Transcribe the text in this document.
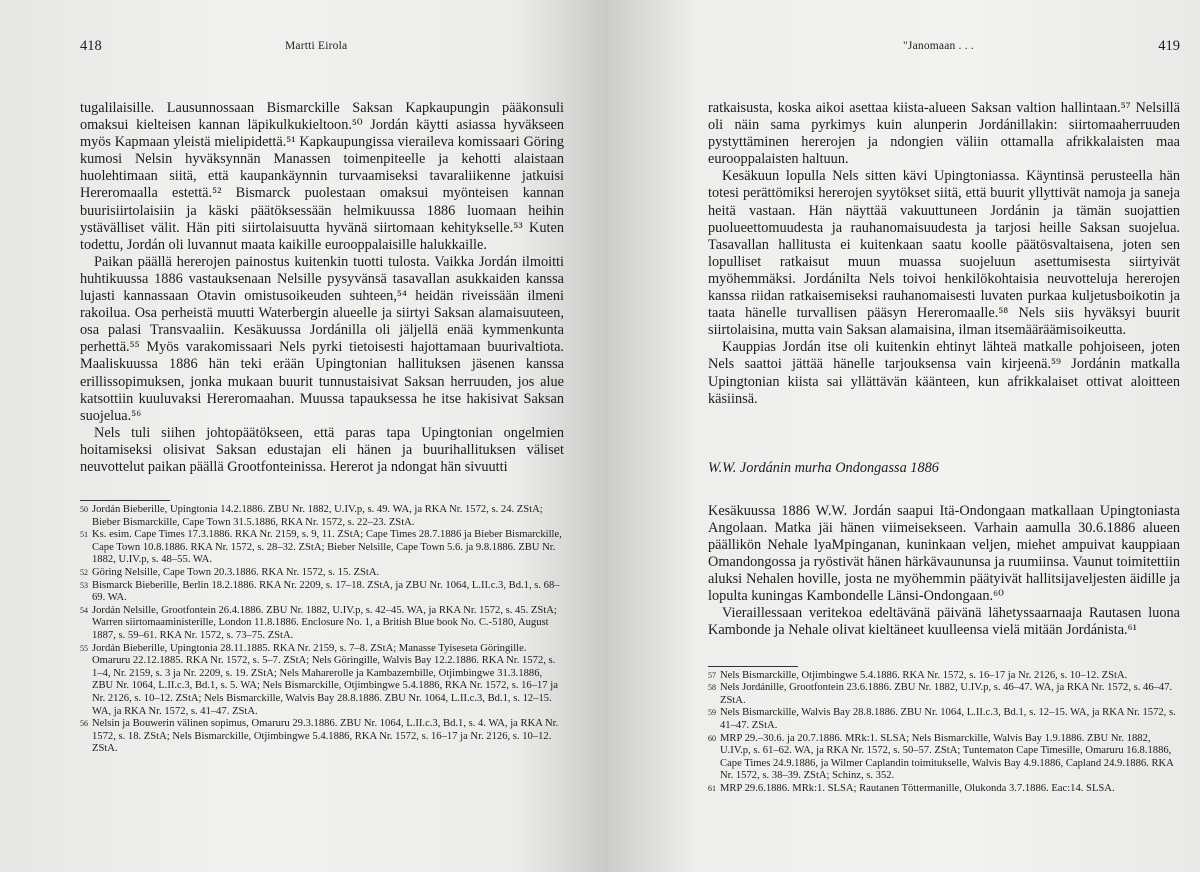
418	Martti Eirola

tugalilaisille. Lausunnossaan Bismarckille Saksan Kapkaupungin pääkonsuli omaksui kielteisen kannan läpikulkukieltoon.⁵⁰ Jordán käytti asiassa hyväkseen myös Kapmaan yleistä mielipidettä.⁵¹ Kapkaupungissa vieraileva komissaari Göring kumosi Nelsin hyväksynnän Manassen toimenpiteelle ja kehotti alaistaan huolehtimaan siitä, että kaupankäynnin turvaamiseksi tavaraliikenne jatkuisi Hereromaalla estettä.⁵² Bismarck puolestaan omaksui myönteisen kannan buurisiirtolaisiin ja käski päätöksessään helmikuussa 1886 luomaan heihin ystävälliset välit. Hän piti siirtolaisuutta hyvänä siirtomaan kehitykselle.⁵³ Kuten todettu, Jordán oli luvannut maata kaikille eurooppalaisille halukkaille.

Paikan päällä hererojen painostus kuitenkin tuotti tulosta. Vaikka Jordán ilmoitti huhtikuussa 1886 vastauksenaan Nelsille pysyvänsä tasavallan asukkaiden kanssa lujasti kannassaan Otavin omistusoikeuden suhteen,⁵⁴ heidän riveissään ilmeni rakoilua. Osa perheistä muutti Waterbergin alueelle ja siirtyi Saksan alamaisuuteen, osa palasi Transvaaliin. Kesäkuussa Jordánilla oli jäljellä enää kymmenkunta perhettä.⁵⁵ Myös varakomissaari Nels pyrki tietoisesti hajottamaan buurivaltiota. Maaliskuussa 1886 hän teki erään Upingtonian hallituksen jäsenen kanssa erillissopimuksen, jonka mukaan buurit tunnustaisivat Saksan herruuden, jos alue katsottiin kuuluvaksi Hereromaahan. Muussa tapauksessa he itse hakisivat Saksan suojelua.⁵⁶

Nels tuli siihen johtopäätökseen, että paras tapa Upingtonian ongelmien hoitamiseksi olisivat Saksan edustajan eli hänen ja buurihallituksen väliset neuvottelut paikan päällä Grootfonteinissa. Hererot ja ndongat hän sivuutti

50 Jordán Bieberille, Upingtonia 14.2.1886. ZBU Nr. 1882, U.IV.p, s. 49. WA, ja RKA Nr. 1572, s. 24. ZStA; Bieber Bismarckille, Cape Town 31.5.1886, RKA Nr. 1572, s. 22–23. ZStA.

51 Ks. esim. Cape Times 17.3.1886. RKA Nr. 2159, s. 9, 11. ZStA; Cape Times 28.7.1886 ja Bieber Bismarckille, Cape Town 10.8.1886. RKA Nr. 1572, s. 28–32. ZStA; Bieber Nelsille, Cape Town 5.6. ja 9.8.1886. ZBU Nr. 1882, U.IV.p, s. 48–55. WA.

52 Göring Nelsille, Cape Town 20.3.1886. RKA Nr. 1572, s. 15. ZStA.

53 Bismarck Bieberille, Berlin 18.2.1886. RKA Nr. 2209, s. 17–18. ZStA, ja ZBU Nr. 1064, L.II.c.3, Bd.1, s. 68–69. WA.

54 Jordán Nelsille, Grootfontein 26.4.1886. ZBU Nr. 1882, U.IV.p, s. 42–45. WA, ja RKA Nr. 1572, s. 45. ZStA; Warren siirtomaaministerille, London 11.8.1886. Enclosure No. 1, a British Blue book No. C.-5180, August 1887, s. 59–61. RKA Nr. 1572, s. 73–75. ZStA.

55 Jordán Bieberille, Upingtonia 28.11.1885. RKA Nr. 2159, s. 7–8. ZStA; Manasse Tyiseseta Göringille. Omaruru 22.12.1885. RKA Nr. 1572, s. 5–7. ZStA; Nels Göringille, Walvis Bay 12.2.1886. RKA Nr. 1572, s. 1–4, Nr. 2159, s. 3 ja Nr. 2209, s. 19. ZStA; Nels Maharerolle ja Kambazembille, Otjimbingwe 31.3.1886, ZBU Nr. 1064, L.II.c.3, Bd.1, s. 5. WA; Nels Bismarckille, Otjimbingwe 5.4.1886, RKA Nr. 1572, s. 16–17 ja Nr. 2126, s. 10–12. ZStA; Nels Bismarckille, Walvis Bay 28.8.1886. ZBU Nr. 1064, L.II.c.3, Bd.1, s. 12–15. WA, ja RKA Nr. 1572, s. 41–47. ZStA.

56 Nelsin ja Bouwerin välinen sopimus, Omaruru 29.3.1886. ZBU Nr. 1064, L.II.c.3, Bd.1, s. 4. WA, ja RKA Nr. 1572, s. 18. ZStA; Nels Bismarckille, Otjimbingwe 5.4.1886, RKA Nr. 1572, s. 16–17 ja Nr. 2126, s. 10–12. ZStA.

"Janomaan . . .	419

ratkaisusta, koska aikoi asettaa kiista-alueen Saksan valtion hallintaan.⁵⁷ Nelsillä oli näin sama pyrkimys kuin alunperin Jordánillakin: siirtomaaherruuden pystyttäminen hererojen ja ndongien väliin ottamalla afrikkalaisten maa eurooppalaisten haltuun.

Kesäkuun lopulla Nels sitten kävi Upingtoniassa. Käyntinsä perusteella hän totesi perättömiksi hererojen syytökset siitä, että buurit yllyttivät namoja ja saneja heitä vastaan. Hän näyttää vakuuttuneen Jordánin ja tämän suojattien puolueettomuudesta ja rauhanomaisuudesta ja tarjosi heille Saksan suojelua. Tasavallan hallitusta ei kuitenkaan saatu koolle päätösvaltaisena, joten sen lopulliset ratkaisut muun muassa suojeluun asettumisesta siirtyivät myöhemmäksi. Jordánilta Nels toivoi henkilökohtaisia neuvotteluja hererojen kanssa riidan ratkaisemiseksi rauhanomaisesti luvaten purkaa kuljetusboikotin ja taata hänelle turvallisen pääsyn Hereromaalle.⁵⁸ Nels siis hyväksyi buurit siirtolaisina, mutta vain Saksan alamaisina, ilman itsemääräämisoikeutta.

Kauppias Jordán itse oli kuitenkin ehtinyt lähteä matkalle pohjoiseen, joten Nels saattoi jättää hänelle tarjouksensa vain kirjeenä.⁵⁹ Jordánin matkalla Upingtonian kiista sai yllättävän käänteen, kun afrikkalaiset ottivat aloitteen käsiinsä.

W.W. Jordánin murha Ondongassa 1886

Kesäkuussa 1886 W.W. Jordán saapui Itä-Ondongaan matkallaan Upingtoniasta Angolaan. Matka jäi hänen viimeisekseen. Varhain aamulla 30.6.1886 alueen päällikön Nehale lyaMpinganan, kuninkaan veljen, miehet ampuivat kauppiaan Omandongossa ja ryöstivät hänen härkävaununsa ja ruumiinsa. Vaunut toimitettiin aluksi Nehalen hoville, josta ne myöhemmin päätyivät hallitsijaveljesten äidille ja lopulta kuningas Kambondelle Länsi-Ondongaan.⁶⁰

Vieraillessaan veritekoa edeltävänä päivänä lähetyssaarnaaja Rautasen luona Kambonde ja Nehale olivat kieltäneet kuulleensa vielä mitään Jordánista.⁶¹

57 Nels Bismarckille, Otjimbingwe 5.4.1886. RKA Nr. 1572, s. 16–17 ja Nr. 2126, s. 10–12. ZStA.

58 Nels Jordánille, Grootfontein 23.6.1886. ZBU Nr. 1882, U.IV.p, s. 46–47. WA, ja RKA Nr. 1572, s. 46–47. ZStA.

59 Nels Bismarckille, Walvis Bay 28.8.1886. ZBU Nr. 1064, L.II.c.3, Bd.1, s. 12–15. WA, ja RKA Nr. 1572, s. 41–47. ZStA.

60 MRP 29.–30.6. ja 20.7.1886. MRk:1. SLSA; Nels Bismarckille, Walvis Bay 1.9.1886. ZBU Nr. 1882, U.IV.p, s. 61–62. WA, ja RKA Nr. 1572, s. 50–57. ZStA; Tuntematon Cape Timesille, Omaruru 16.8.1886, Cape Times 24.9.1886, ja Wilmer Caplandin toimitukselle, Walvis Bay 4.9.1886, Capland 24.9.1886. RKA Nr. 1572, s. 38–39. ZStA; Schinz, s. 352.

61 MRP 29.6.1886. MRk:1. SLSA; Rautanen Töttermanille, Olukonda 3.7.1886. Eac:14. SLSA.
